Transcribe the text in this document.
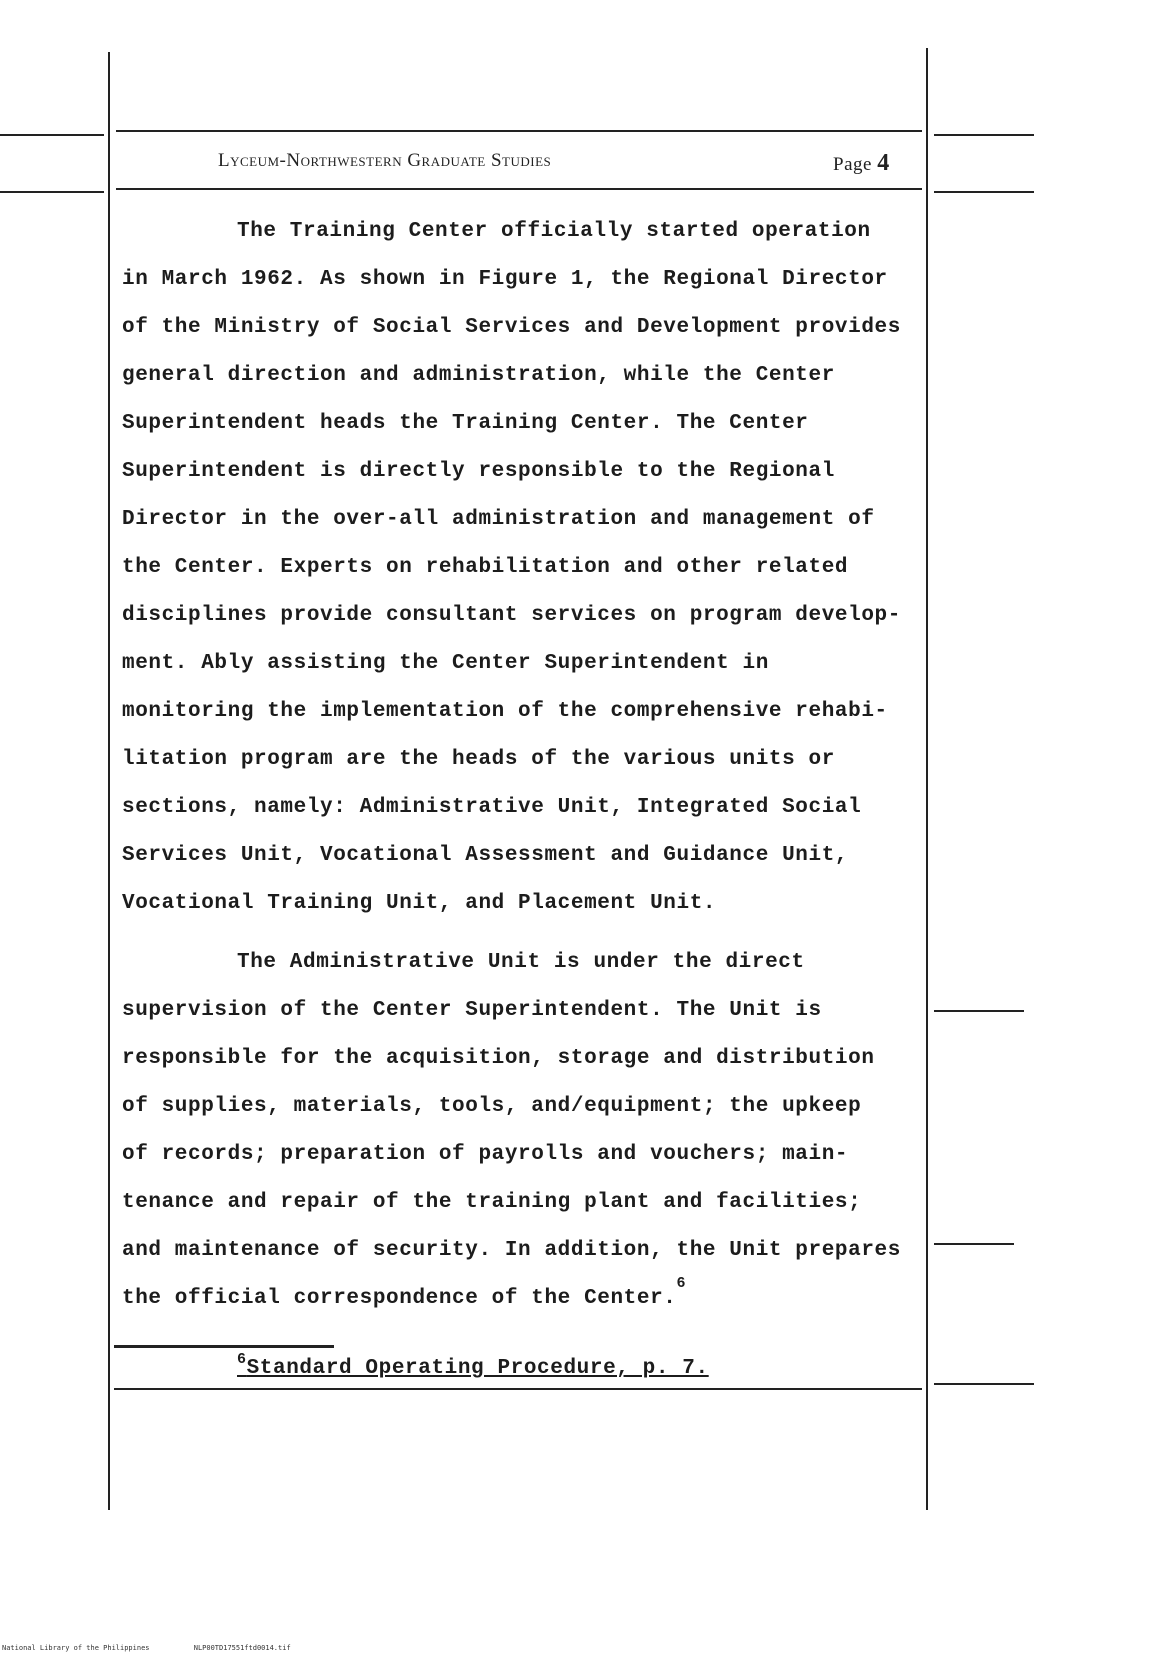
Lyceum-Northwestern Graduate Studies	Page 4
The Training Center officially started operation
in March 1962. As shown in Figure 1, the Regional Director
of the Ministry of Social Services and Development provides
general direction and administration, while the Center
Superintendent heads the Training Center. The Center
Superintendent is directly responsible to the Regional
Director in the over-all administration and management of
the Center. Experts on rehabilitation and other related
disciplines provide consultant services on program develop-
ment. Ably assisting the Center Superintendent in
monitoring the implementation of the comprehensive rehabi-
litation program are the heads of the various units or
sections, namely: Administrative Unit, Integrated Social
Services Unit, Vocational Assessment and Guidance Unit,
Vocational Training Unit, and Placement Unit.
The Administrative Unit is under the direct
supervision of the Center Superintendent. The Unit is
responsible for the acquisition, storage and distribution
of supplies, materials, tools, and/equipment; the upkeep
of records; preparation of payrolls and vouchers; main-
tenance and repair of the training plant and facilities;
and maintenance of security. In addition, the Unit prepares
the official correspondence of the Center.$^6$
$^6$Standard Operating Procedure, p. 7.
National Library of the Philippines	NLP00TD17551ftd0014.tif
